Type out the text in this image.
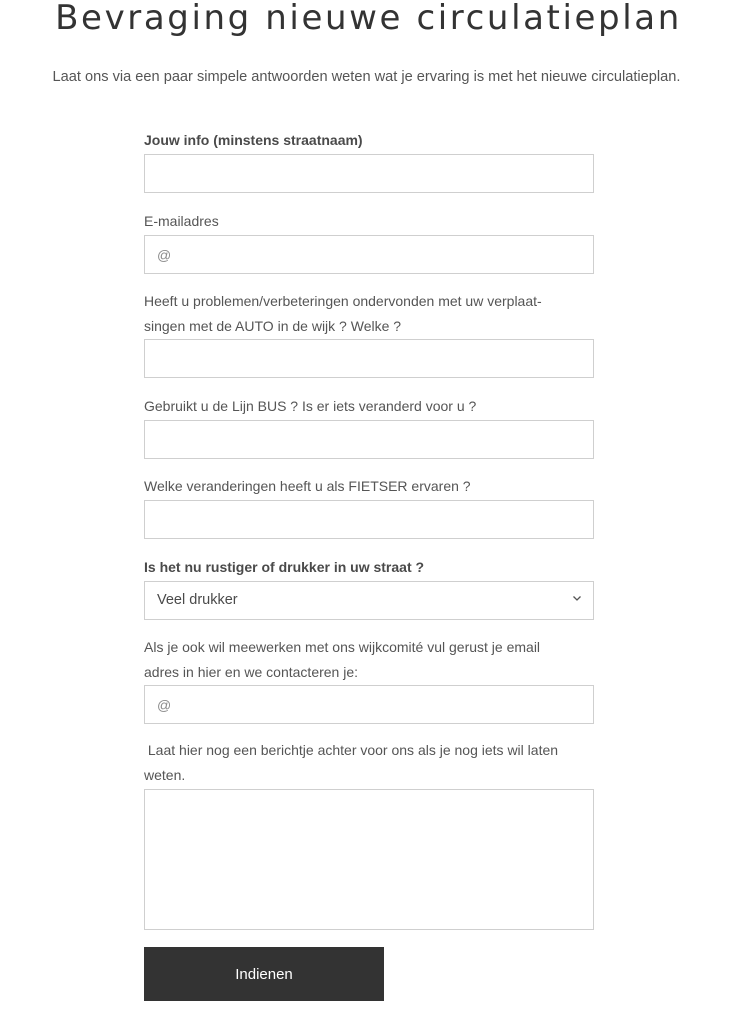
Bevraging nieuwe circulatieplan

Laat ons via een paar simpele antwoorden weten wat je ervaring is met het nieuwe circulatieplan.

Jouw info (minstens straatnaam)
E-mailadres
@
Heeft u problemen/verbeteringen ondervonden met uw verplaat-
singen met de AUTO in de wijk ? Welke ?
Gebruikt u de Lijn BUS ? Is er iets veranderd voor u ?
Welke veranderingen heeft u als FIETSER ervaren ?
Is het nu rustiger of drukker in uw straat ?
Veel drukker
Als je ook wil meewerken met ons wijkcomité vul gerust je email
adres in hier en we contacteren je:
@
Laat hier nog een berichtje achter voor ons als je nog iets wil laten
weten.
Indienen
